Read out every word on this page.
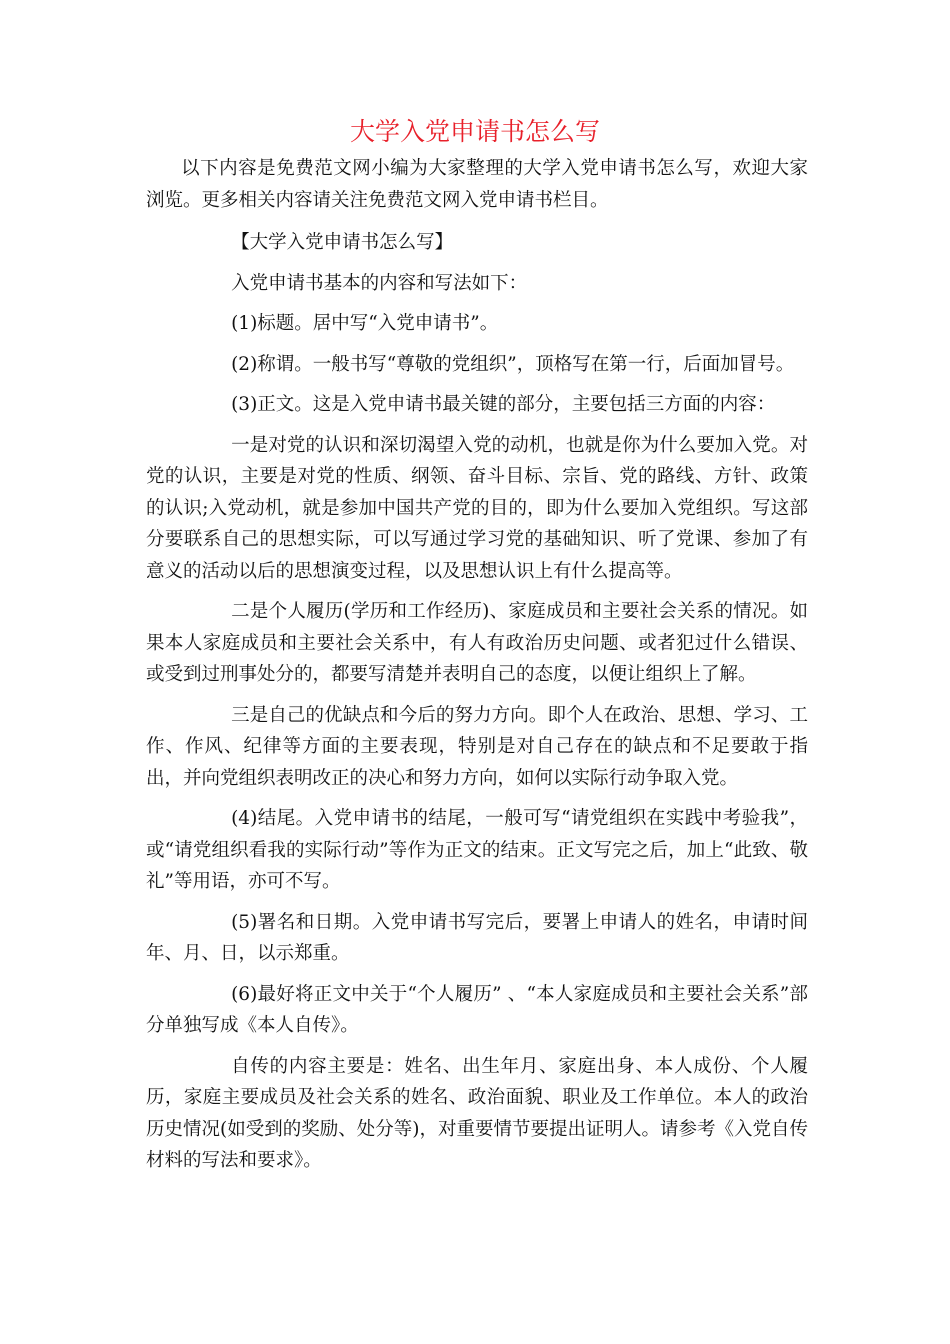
大学入党申请书怎么写

以下内容是免费范文网小编为大家整理的大学入党申请书怎么写，欢迎大家浏览。更多相关内容请关注免费范文网入党申请书栏目。

【大学入党申请书怎么写】

入党申请书基本的内容和写法如下：

(1)标题。居中写“入党申请书”。

(2)称谓。一般书写“尊敬的党组织”，顶格写在第一行，后面加冒号。

(3)正文。这是入党申请书最关键的部分，主要包括三方面的内容：

一是对党的认识和深切渴望入党的动机，也就是你为什么要加入党。对党的认识，主要是对党的性质、纲领、奋斗目标、宗旨、党的路线、方针、政策的认识;入党动机，就是参加中国共产党的目的，即为什么要加入党组织。写这部分要联系自己的思想实际，可以写通过学习党的基础知识、听了党课、参加了有意义的活动以后的思想演变过程，以及思想认识上有什么提高等。

二是个人履历(学历和工作经历)、家庭成员和主要社会关系的情况。如果本人家庭成员和主要社会关系中，有人有政治历史问题、或者犯过什么错误、或受到过刑事处分的，都要写清楚并表明自己的态度，以便让组织上了解。

三是自己的优缺点和今后的努力方向。即个人在政治、思想、学习、工作、作风、纪律等方面的主要表现，特别是对自己存在的缺点和不足要敢于指出，并向党组织表明改正的决心和努力方向，如何以实际行动争取入党。

(4)结尾。入党申请书的结尾，一般可写“请党组织在实践中考验我”，或“请党组织看我的实际行动”等作为正文的结束。正文写完之后，加上“此致、敬礼”等用语，亦可不写。

(5)署名和日期。入党申请书写完后，要署上申请人的姓名，申请时间年、月、日，以示郑重。

(6)最好将正文中关于“个人履历” 、“本人家庭成员和主要社会关系”部分单独写成《本人自传》。

自传的内容主要是：姓名、出生年月、家庭出身、本人成份、个人履历，家庭主要成员及社会关系的姓名、政治面貌、职业及工作单位。本人的政治历史情况(如受到的奖励、处分等)，对重要情节要提出证明人。请参考《入党自传材料的写法和要求》。
